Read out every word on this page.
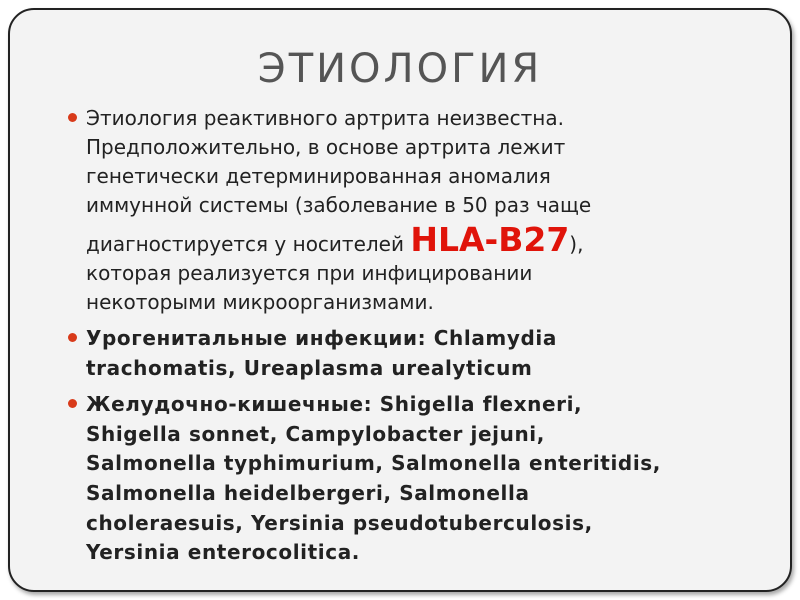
ЭТИОЛОГИЯ
Этиология реактивного артрита неизвестна.
Предположительно, в основе артрита лежит
генетически детерминированная аномалия
иммунной системы (заболевание в 50 раз чаще
диагностируется у носителей HLA-B27),
которая реализуется при инфицировании
некоторыми микроорганизмами.
Урогенитальные инфекции: Chlamydia
trachomatis, Ureaplasma urealyticum
Желудочно-кишечные: Shigella flexneri,
Shigella sonnet, Campylobacter jejuni,
Salmonella typhimurium, Salmonella enteritidis,
Salmonella heidelbergeri, Salmonella
choleraesuis, Yersinia pseudotuberculosis,
Yersinia enterocolitica.
